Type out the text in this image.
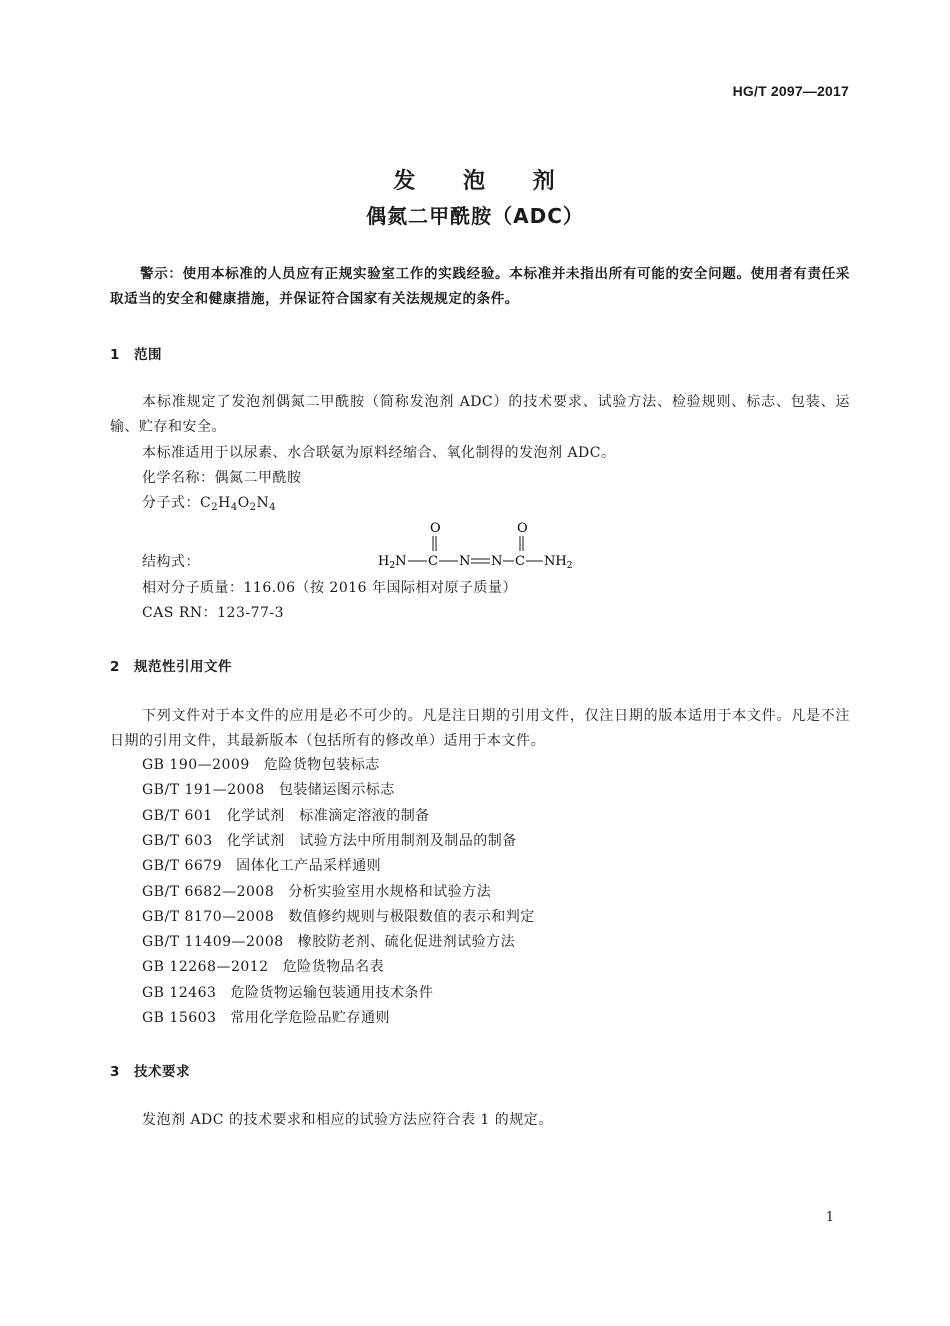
HG/T 2097—2017
发 泡 剂
偶氮二甲酰胺（ADC）
警示：使用本标准的人员应有正规实验室工作的实践经验。本标准并未指出所有可能的安全问题。使用者有责任采取适当的安全和健康措施，并保证符合国家有关法规规定的条件。
1 范围
本标准规定了发泡剂偶氮二甲酰胺（简称发泡剂 ADC）的技术要求、试验方法、检验规则、标志、包装、运输、贮存和安全。
本标准适用于以尿素、水合联氨为原料经缩合、氧化制得的发泡剂 ADC。
化学名称：偶氮二甲酰胺
分子式：$C_2H_4O_2N_4$
结构式：
O	O
$H_2N$ C N N C $NH_2$
相对分子质量：116.06（按 2016 年国际相对原子质量）
CAS RN：123-77-3
2 规范性引用文件
下列文件对于本文件的应用是必不可少的。凡是注日期的引用文件，仅注日期的版本适用于本文件。凡是不注日期的引用文件，其最新版本（包括所有的修改单）适用于本文件。
GB 190—2009 危险货物包装标志
GB/T 191—2008 包装储运图示标志
GB/T 601 化学试剂　标准滴定溶液的制备
GB/T 603 化学试剂　试验方法中所用制剂及制品的制备
GB/T 6679 固体化工产品采样通则
GB/T 6682—2008 分析实验室用水规格和试验方法
GB/T 8170—2008 数值修约规则与极限数值的表示和判定
GB/T 11409—2008 橡胶防老剂、硫化促进剂试验方法
GB 12268—2012 危险货物品名表
GB 12463 危险货物运输包装通用技术条件
GB 15603 常用化学危险品贮存通则
3 技术要求
发泡剂 ADC 的技术要求和相应的试验方法应符合表 1 的规定。
1
